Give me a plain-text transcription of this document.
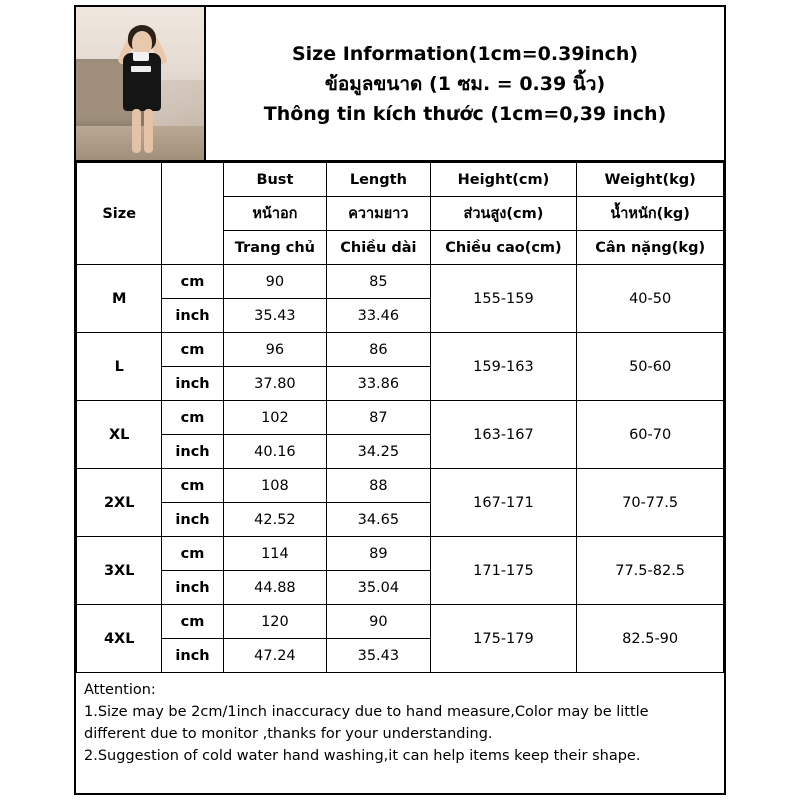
Size Information(1cm=0.39inch)
ข้อมูลขนาด (1 ซม. = 0.39 นิ้ว)
Thông tin kích thước (1cm=0,39 inch)
Size		Bust	Length	Height(cm)	Weight(kg)
		หน้าอก	ความยาว	ส่วนสูง(cm)	น้ำหนัก(kg)
		Trang chủ	Chiều dài	Chiều cao(cm)	Cân nặng(kg)
M	cm	90	85	155-159	40-50
	inch	35.43	33.46		
L	cm	96	86	159-163	50-60
	inch	37.80	33.86		
XL	cm	102	87	163-167	60-70
	inch	40.16	34.25		
2XL	cm	108	88	167-171	70-77.5
	inch	42.52	34.65		
3XL	cm	114	89	171-175	77.5-82.5
	inch	44.88	35.04		
4XL	cm	120	90	175-179	82.5-90
	inch	47.24	35.43		
Attention:
1.Size may be 2cm/1inch inaccuracy due to hand measure,Color may be little
different due to monitor ,thanks for your understanding.
2.Suggestion of cold water hand washing,it can help items keep their shape.
